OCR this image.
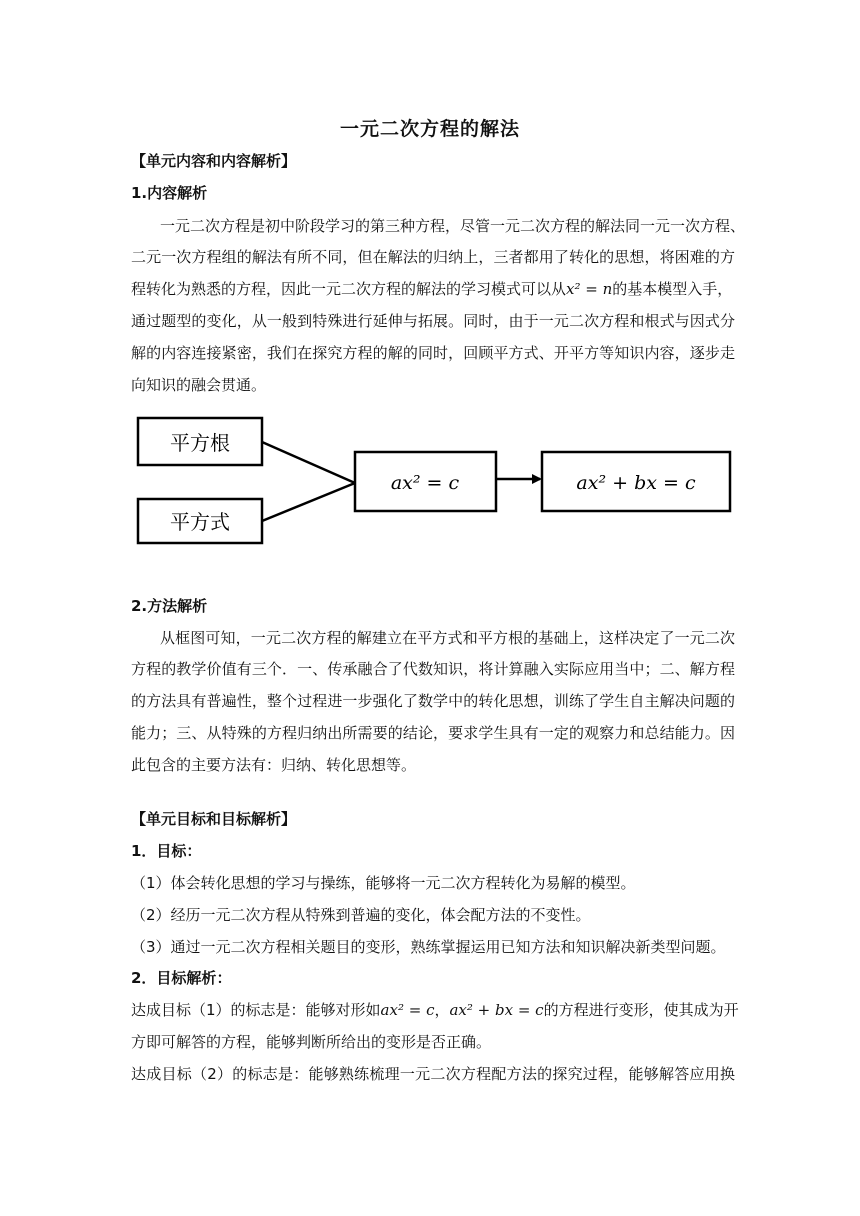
一元二次方程的解法
【单元内容和内容解析】
1.内容解析
一元二次方程是初中阶段学习的第三种方程，尽管一元二次方程的解法同一元一次方程、
二元一次方程组的解法有所不同，但在解法的归纳上，三者都用了转化的思想，将困难的方
程转化为熟悉的方程，因此一元二次方程的解法的学习模式可以从x² = n的基本模型入手，
通过题型的变化，从一般到特殊进行延伸与拓展。同时，由于一元二次方程和根式与因式分
解的内容连接紧密，我们在探究方程的解的同时，回顾平方式、开平方等知识内容，逐步走
向知识的融会贯通。
平方根
平方式
ax² = c	ax² + bx = c
2.方法解析
从框图可知，一元二次方程的解建立在平方式和平方根的基础上，这样决定了一元二次
方程的教学价值有三个．一、传承融合了代数知识，将计算融入实际应用当中；二、解方程
的方法具有普遍性，整个过程进一步强化了数学中的转化思想，训练了学生自主解决问题的
能力；三、从特殊的方程归纳出所需要的结论，要求学生具有一定的观察力和总结能力。因
此包含的主要方法有：归纳、转化思想等。
【单元目标和目标解析】
1．目标：
（1）体会转化思想的学习与操练，能够将一元二次方程转化为易解的模型。
（2）经历一元二次方程从特殊到普遍的变化，体会配方法的不变性。
（3）通过一元二次方程相关题目的变形，熟练掌握运用已知方法和知识解决新类型问题。
2．目标解析：
达成目标（1）的标志是：能够对形如ax² = c，ax² + bx = c的方程进行变形，使其成为开
方即可解答的方程，能够判断所给出的变形是否正确。
达成目标（2）的标志是：能够熟练梳理一元二次方程配方法的探究过程，能够解答应用换
